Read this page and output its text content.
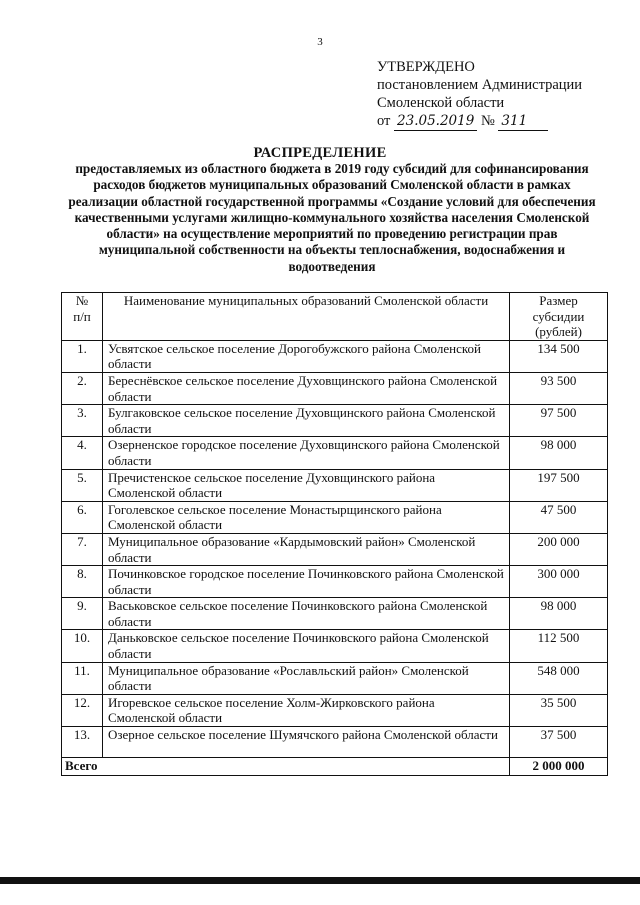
3
УТВЕРЖДЕНО
постановлением Администрации
Смоленской области
от 23.05.2019 № 311
РАСПРЕДЕЛЕНИЕ
предоставляемых из областного бюджета в 2019 году субсидий для софинансирования расходов бюджетов муниципальных образований Смоленской области в рамках реализации областной государственной программы «Создание условий для обеспечения качественными услугами жилищно-коммунального хозяйства населения Смоленской области» на осуществление мероприятий по проведению регистрации прав муниципальной собственности на объекты теплоснабжения, водоснабжения и водоотведения
№
п/п	Наименование муниципальных образований Смоленской области	Размер субсидии (рублей)
1.	Усвятское сельское поселение Дорогобужского района Смоленской области	134 500
2.	Береснёвское сельское поселение Духовщинского района Смоленской области	93 500
3.	Булгаковское сельское поселение Духовщинского района Смоленской области	97 500
4.	Озерненское городское поселение Духовщинского района Смоленской области	98 000
5.	Пречистенское сельское поселение Духовщинского района Смоленской области	197 500
6.	Гоголевское сельское поселение Монастырщинского района Смоленской области	47 500
7.	Муниципальное образование «Кардымовский район» Смоленской области	200 000
8.	Починковское городское поселение Починковского района Смоленской области	300 000
9.	Васьковское сельское поселение Починковского района Смоленской области	98 000
10.	Даньковское сельское поселение Починковского района Смоленской области	112 500
11.	Муниципальное образование «Рославльский район» Смоленской области	548 000
12.	Игоревское сельское поселение Холм-Жирковского района Смоленской области	35 500
13.	Озерное сельское поселение Шумячского района Смоленской области	37 500
Всего		2 000 000
